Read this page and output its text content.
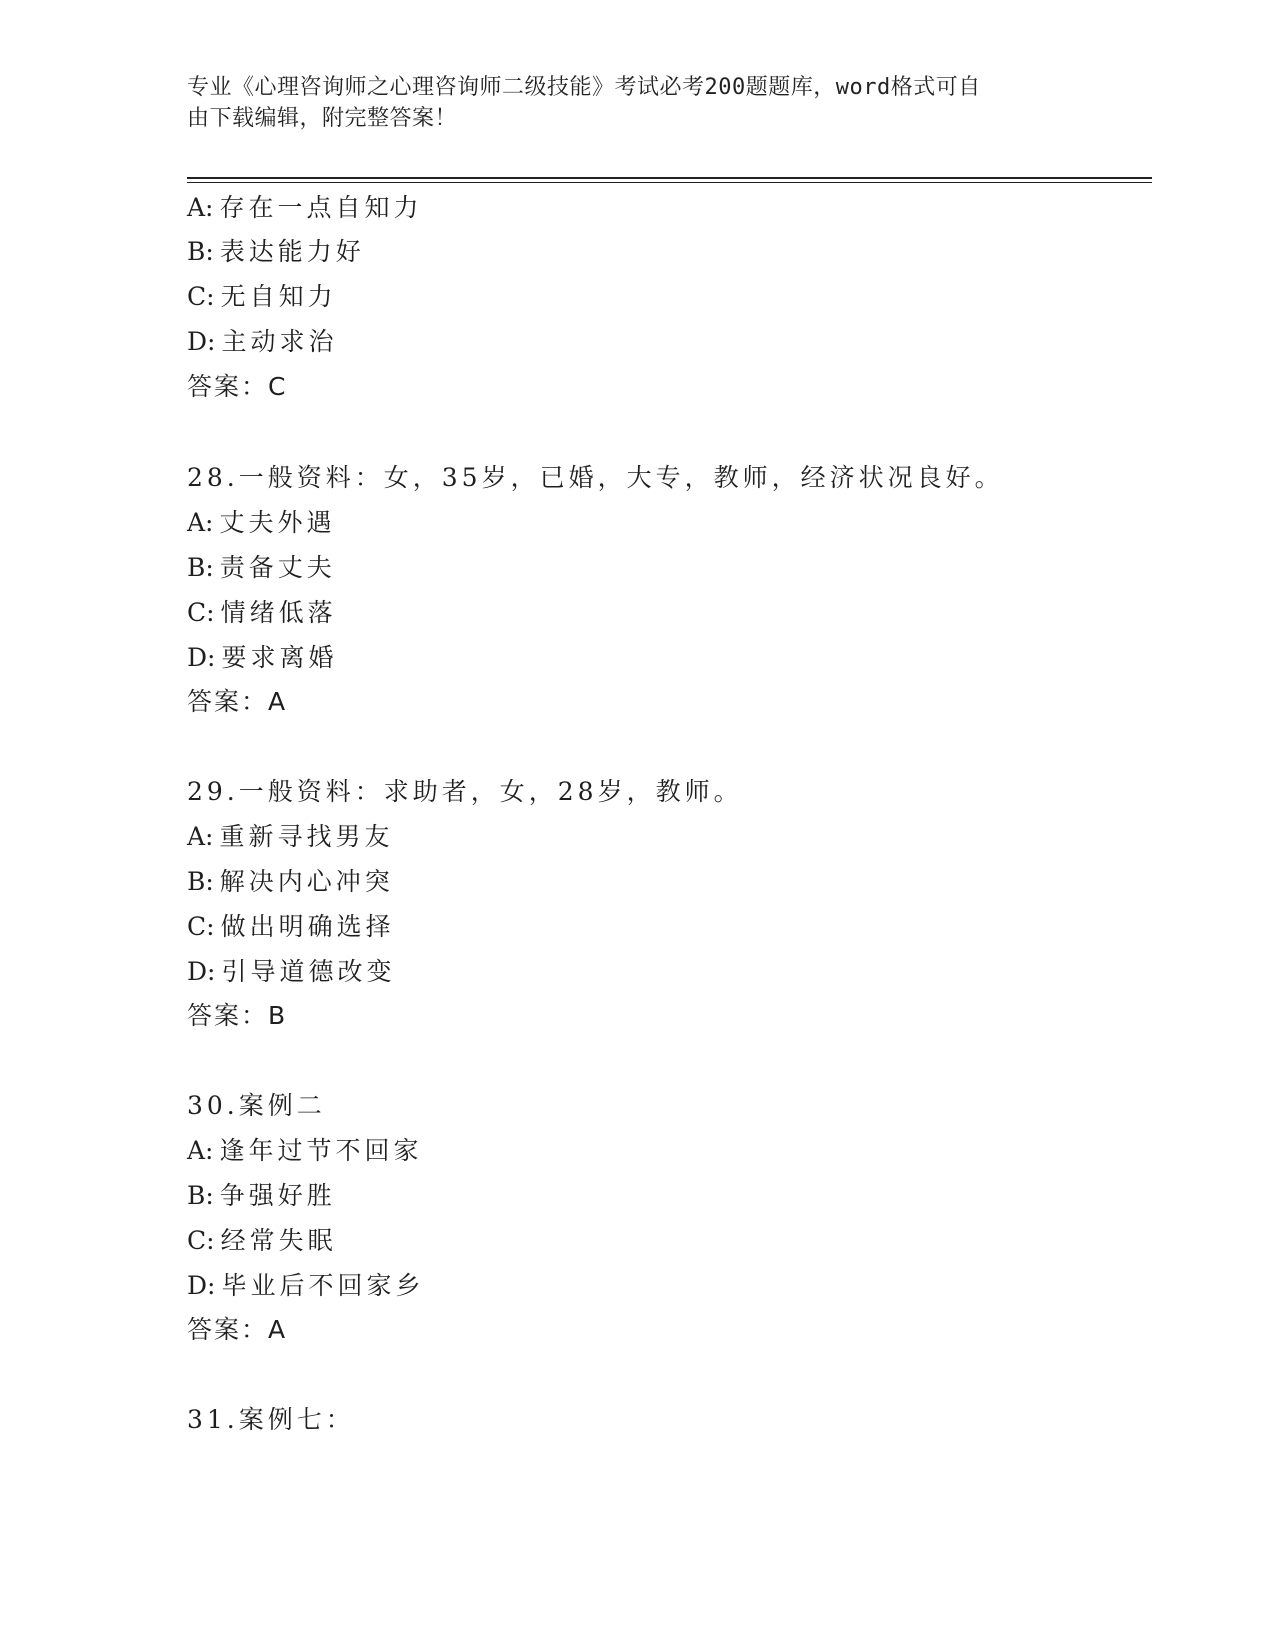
专业《心理咨询师之心理咨询师二级技能》考试必考200题题库，word格式可自
由下载编辑，附完整答案！
A: 存在一点自知力
B: 表达能力好
C: 无自知力
D: 主动求治
答案：C
28.一般资料：女，35岁，已婚，大专，教师，经济状况良好。
A: 丈夫外遇
B: 责备丈夫
C: 情绪低落
D: 要求离婚
答案：A
29.一般资料：求助者，女，28岁，教师。
A: 重新寻找男友
B: 解决内心冲突
C: 做出明确选择
D: 引导道德改变
答案：B
30.案例二
A: 逢年过节不回家
B: 争强好胜
C: 经常失眠
D: 毕业后不回家乡
答案：A
31.案例七：
